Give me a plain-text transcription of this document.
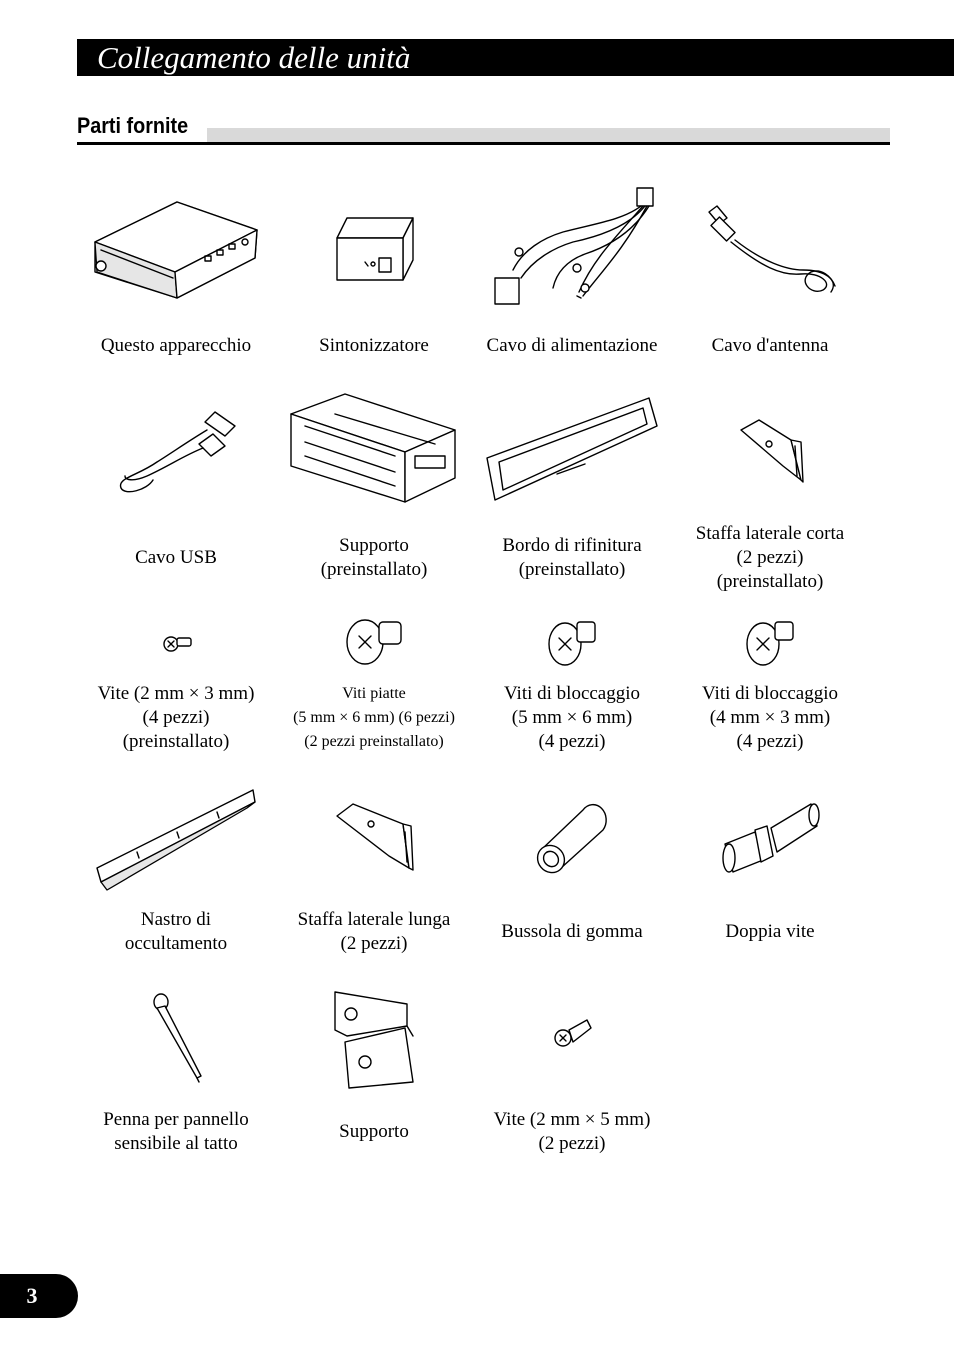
Collegamento delle unità
Parti fornite
Questo apparecchio	Sintonizzatore	Cavo di alimentazione	Cavo d'antenna
Cavo USB
Supporto
(preinstallato)
Bordo di rifinitura
(preinstallato)
Staffa laterale corta
(2 pezzi)
(preinstallato)
Vite (2 mm × 3 mm)
(4 pezzi)
(preinstallato)
Viti piatte
(5 mm × 6 mm) (6 pezzi)
(2 pezzi preinstallato)
Viti di bloccaggio
(5 mm × 6 mm)
(4 pezzi)
Viti di bloccaggio
(4 mm × 3 mm)
(4 pezzi)
Nastro di
occultamento
Staffa laterale lunga
(2 pezzi)
Bussola di gomma	Doppia vite
Penna per pannello
sensibile al tatto
Supporto
Vite (2 mm × 5 mm)
(2 pezzi)
3
